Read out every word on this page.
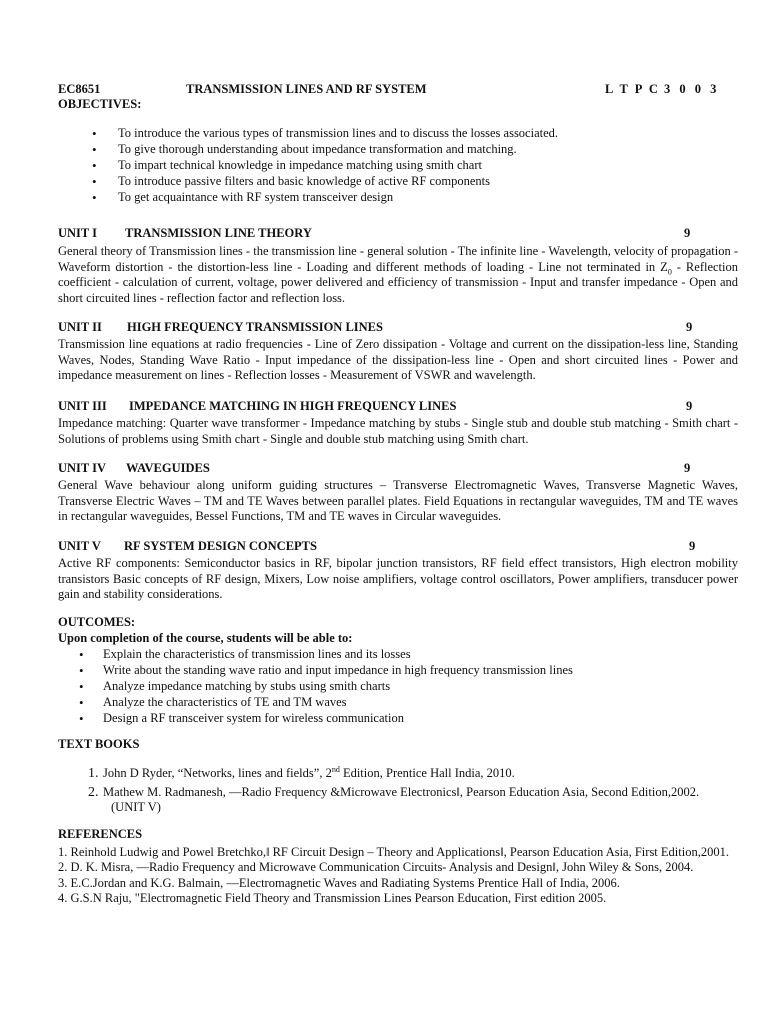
EC8651	TRANSMISSION LINES AND RF SYSTEM	L T P C 3 0 0 3
OBJECTIVES:
• To introduce the various types of transmission lines and to discuss the losses associated.
• To give thorough understanding about impedance transformation and matching.
• To impart technical knowledge in impedance matching using smith chart
• To introduce passive filters and basic knowledge of active RF components
• To get acquaintance with RF system transceiver design
UNIT I TRANSMISSION LINE THEORY	9
General theory of Transmission lines - the transmission line - general solution - The infinite line - Wavelength, velocity of propagation - Waveform distortion - the distortion-less line - Loading and different methods of loading - Line not terminated in $Z_0$ - Reflection coefficient - calculation of current, voltage, power delivered and efficiency of transmission - Input and transfer impedance - Open and short circuited lines - reflection factor and reflection loss.
UNIT II HIGH FREQUENCY TRANSMISSION LINES	9
Transmission line equations at radio frequencies - Line of Zero dissipation - Voltage and current on the dissipation-less line, Standing Waves, Nodes, Standing Wave Ratio - Input impedance of the dissipation-less line - Open and short circuited lines - Power and impedance measurement on lines - Reflection losses - Measurement of VSWR and wavelength.
UNIT III IMPEDANCE MATCHING IN HIGH FREQUENCY LINES	9
Impedance matching: Quarter wave transformer - Impedance matching by stubs - Single stub and double stub matching - Smith chart - Solutions of problems using Smith chart - Single and double stub matching using Smith chart.
UNIT IV WAVEGUIDES	9
General Wave behaviour along uniform guiding structures – Transverse Electromagnetic Waves, Transverse Magnetic Waves, Transverse Electric Waves – TM and TE Waves between parallel plates. Field Equations in rectangular waveguides, TM and TE waves in rectangular waveguides, Bessel Functions, TM and TE waves in Circular waveguides.
UNIT V RF SYSTEM DESIGN CONCEPTS	9
Active RF components: Semiconductor basics in RF, bipolar junction transistors, RF field effect transistors, High electron mobility transistors Basic concepts of RF design, Mixers, Low noise amplifiers, voltage control oscillators, Power amplifiers, transducer power gain and stability considerations.
OUTCOMES:
Upon completion of the course, students will be able to:
• Explain the characteristics of transmission lines and its losses
• Write about the standing wave ratio and input impedance in high frequency transmission lines
• Analyze impedance matching by stubs using smith charts
• Analyze the characteristics of TE and TM waves
• Design a RF transceiver system for wireless communication
TEXT BOOKS
1. John D Ryder, “Networks, lines and fields”, 2nd Edition, Prentice Hall India, 2010.
2. Mathew M. Radmanesh, ―Radio Frequency &Microwave Electronics‖, Pearson Education Asia, Second Edition,2002.
(UNIT V)
REFERENCES
1. Reinhold Ludwig and Powel Bretchko,‖ RF Circuit Design – Theory and Applications‖, Pearson Education Asia, First Edition,2001.
2. D. K. Misra, ―Radio Frequency and Microwave Communication Circuits- Analysis and Design‖, John Wiley & Sons, 2004.
3. E.C.Jordan and K.G. Balmain, ―Electromagnetic Waves and Radiating Systems Prentice Hall of India, 2006.
4. G.S.N Raju, "Electromagnetic Field Theory and Transmission Lines Pearson Education, First edition 2005.
